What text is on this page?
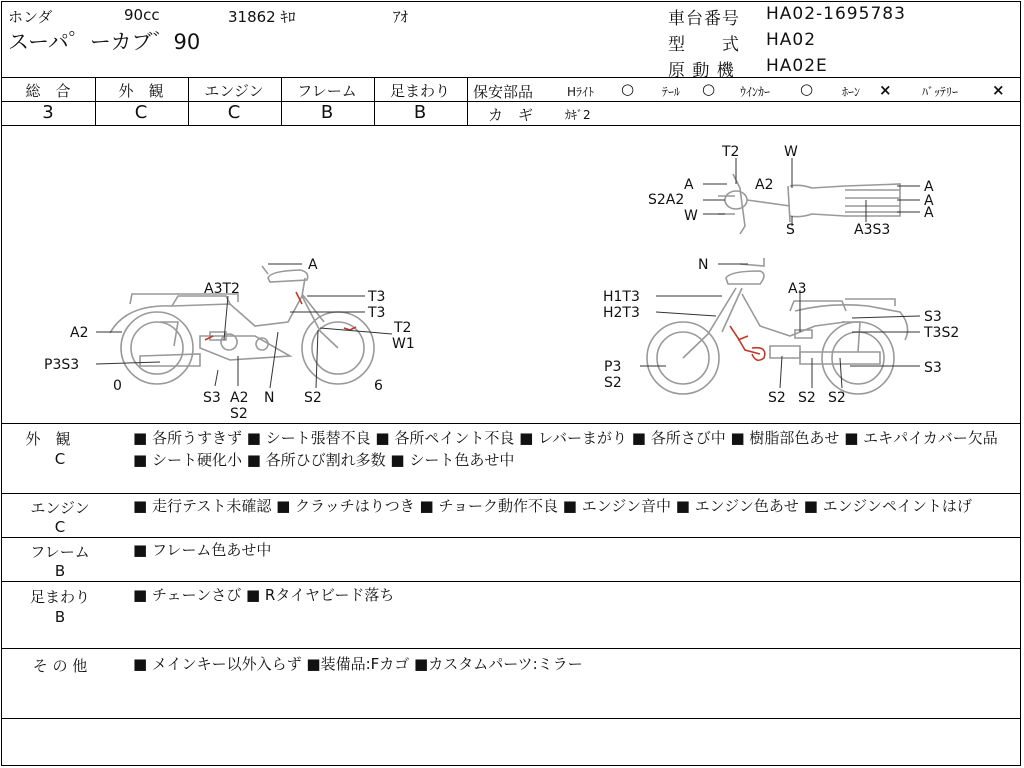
ホンダ	90cc	31862 ｷﾛ	ｱｵ
スーパ゜ーカブ゛90
車台番号 HA02-1695783
型　　式 HA02
原 動 機 HA02E
総　合	外　観	エンジン	フレーム	足まわり
3	C	C	B	B
保安部品	Hﾗｲﾄ ○ ﾃｰﾙ ○ ｳｲﾝｶｰ ○ ﾎｰﾝ ×	ﾊﾞｯﾃﾘｰ ×
カ　ギ	ｶｷﾞ2
T2	W
A	A2
S2A2
W
S
A
A
A
A3S3
A
A3T2	T3
T3
A2	T2
W1
P3S3
0
S3 A2
S2
N S2
6
N
A3
H1T3
H2T3	S3
T3S2
P3
S2
S3
S2 S2 S2
外　観
C
■ 各所うすきず ■ シート張替不良 ■ 各所ペイント不良 ■ レバーまがり ■ 各所さび中 ■ 樹脂部色あせ ■ エキパイカバー欠品 ■ シート硬化小 ■ 各所ひび割れ多数 ■ シート色あせ中
エンジン
C
■ 走行テスト未確認 ■ クラッチはりつき ■ チョーク動作不良 ■ エンジン音中 ■ エンジン色あせ ■ エンジンペイントはげ
フレーム
B
■ フレーム色あせ中
足まわり
B
■ チェーンさび ■ Rタイヤビード落ち
そ の 他	■ メインキー以外入らず ■装備品:Fカゴ ■カスタムパーツ:ミラー
